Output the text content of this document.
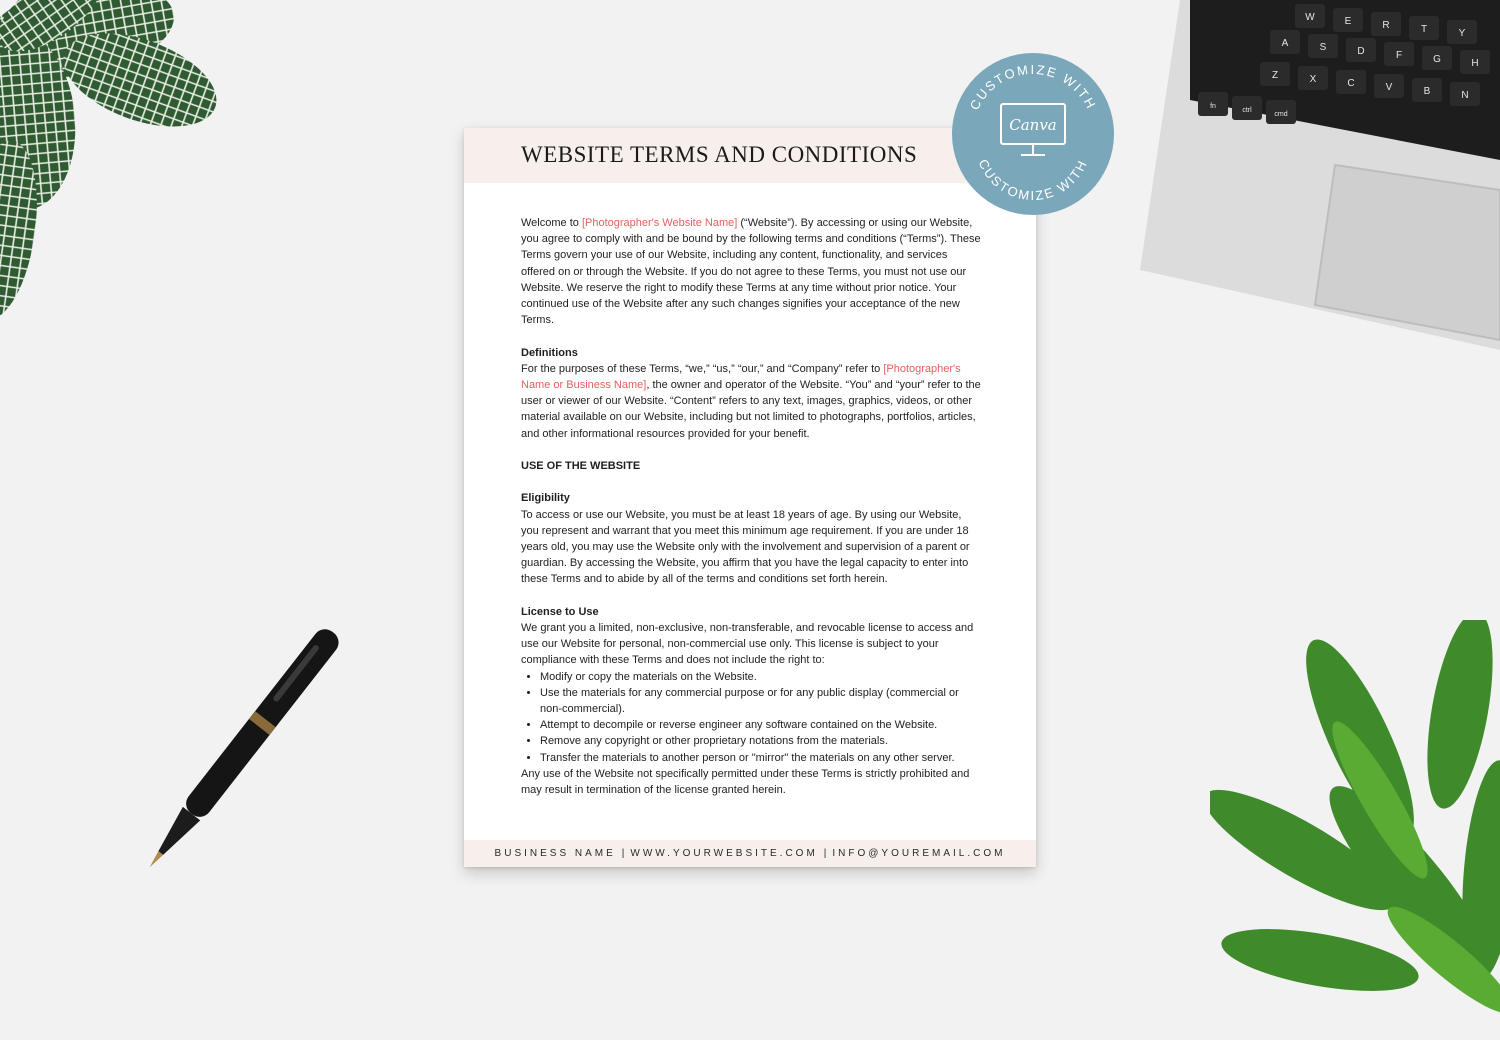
W	E	R	T	Y
A	S	D	F	G	H
Z	X	C	V	B	N
fn
ctrl
cmd
WEBSITE TERMS AND CONDITIONS

Welcome to [Photographer's Website Name] (“Website”). By accessing or using our Website, you agree to comply with and be bound by the following terms and conditions (“Terms”). These Terms govern your use of our Website, including any content, functionality, and services offered on or through the Website. If you do not agree to these Terms, you must not use our Website. We reserve the right to modify these Terms at any time without prior notice. Your continued use of the Website after any such changes signifies your acceptance of the new Terms.

Definitions

For the purposes of these Terms, “we,” “us,” “our,” and “Company” refer to [Photographer's Name or Business Name], the owner and operator of the Website. “You” and “your” refer to the user or viewer of our Website. “Content” refers to any text, images, graphics, videos, or other material available on our Website, including but not limited to photographs, portfolios, articles, and other informational resources provided for your benefit.

USE OF THE WEBSITE

Eligibility

To access or use our Website, you must be at least 18 years of age. By using our Website, you represent and warrant that you meet this minimum age requirement. If you are under 18 years old, you may use the Website only with the involvement and supervision of a parent or guardian. By accessing the Website, you affirm that you have the legal capacity to enter into these Terms and to abide by all of the terms and conditions set forth herein.

License to Use

We grant you a limited, non-exclusive, non-transferable, and revocable license to access and use our Website for personal, non-commercial use only. This license is subject to your compliance with these Terms and does not include the right to:

• Modify or copy the materials on the Website.
• Use the materials for any commercial purpose or for any public display (commercial or non-commercial).
• Attempt to decompile or reverse engineer any software contained on the Website.
• Remove any copyright or other proprietary notations from the materials.
• Transfer the materials to another person or "mirror" the materials on any other server.

Any use of the Website not specifically permitted under these Terms is strictly prohibited and may result in termination of the license granted herein.

BUSINESS NAME | WWW.YOURWEBSITE.COM | INFO@YOUREMAIL.COM
CUSTOMIZE WITH
CUSTOMIZE WITH
Canva
